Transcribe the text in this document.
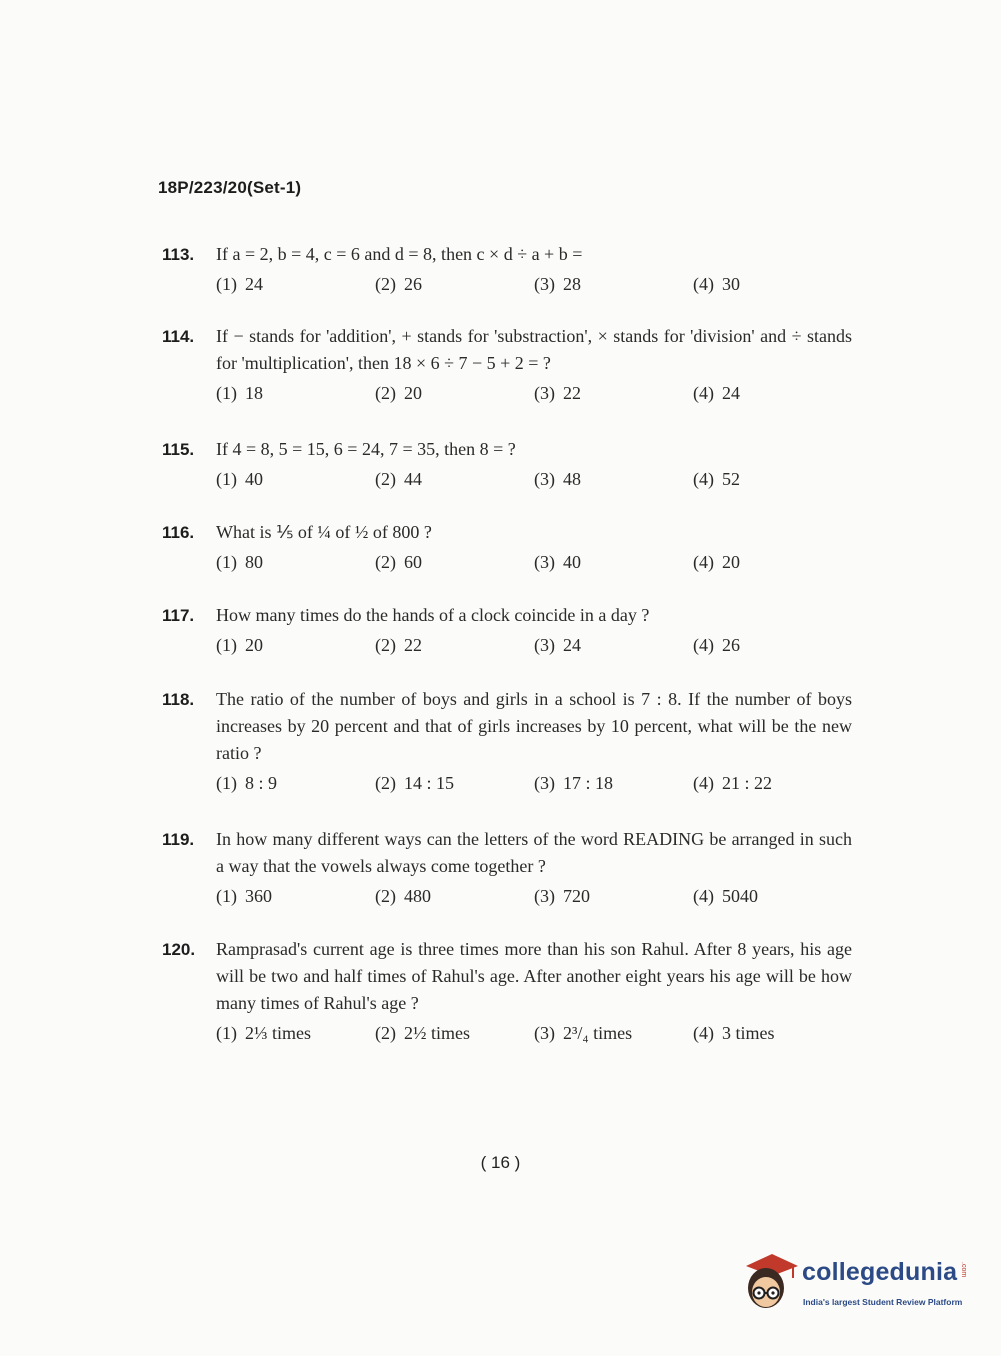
18P/223/20(Set-1)
113.	If a = 2, b = 4, c = 6 and d = 8, then c × d ÷ a + b =
(1) 24	(2) 26	(3) 28	(4) 30
114.	If − stands for 'addition', + stands for 'substraction', × stands for 'division' and ÷ stands for 'multiplication', then 18 × 6 ÷ 7 − 5 + 2 = ?
(1) 18	(2) 20	(3) 22	(4) 24
115.	If 4 = 8, 5 = 15, 6 = 24, 7 = 35, then 8 = ?
(1) 40	(2) 44	(3) 48	(4) 52
116.	What is ⅕ of ¼ of ½ of 800 ?
(1) 80	(2) 60	(3) 40	(4) 20
117.	How many times do the hands of a clock coincide in a day ?
(1) 20	(2) 22	(3) 24	(4) 26
118.	The ratio of the number of boys and girls in a school is 7 : 8. If the number of boys increases by 20 percent and that of girls increases by 10 percent, what will be the new ratio ?
(1) 8 : 9	(2) 14 : 15	(3) 17 : 18	(4) 21 : 22
119.	In how many different ways can the letters of the word READING be arranged in such a way that the vowels always come together ?
(1) 360	(2) 480	(3) 720	(4) 5040
120.	Ramprasad's current age is three times more than his son Rahul. After 8 years, his age will be two and half times of Rahul's age. After another eight years his age will be how many times of Rahul's age ?
(1) 2⅓ times	(2) 2½ times	(3) 2³/₄ times	(4) 3 times
( 16 )
collegedunia .com
India's largest Student Review Platform
